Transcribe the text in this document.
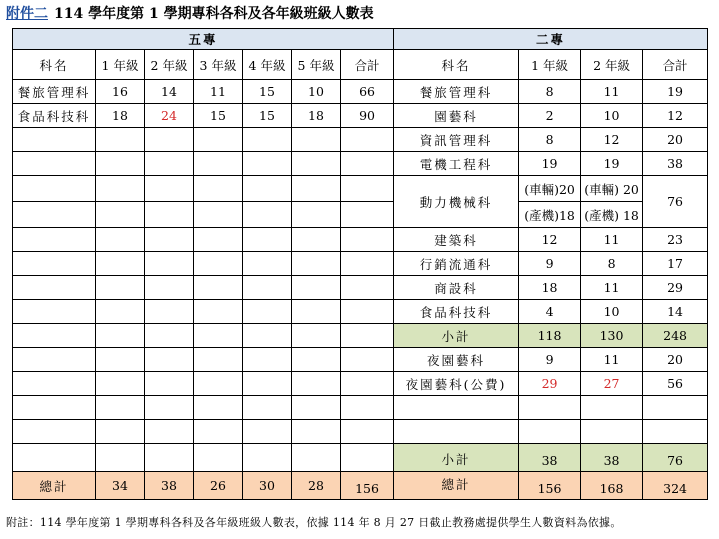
附件二 114 學年度第 1 學期專科各科及各年級班級人數表
五專							二專			
科名	1 年級	2 年級	3 年級	4 年級	5 年級	合計	科名	1 年級	2 年級	合計
餐旅管理科	16	14	11	15	10	66	餐旅管理科	8	11	19
食品科技科	18	24	15	15	18	90	園藝科	2	10	12
							資訊管理科	8	12	20
							電機工程科	19	19	38
							動力機械科	(車輛)20	(車輛) 20	76
								(產機)18	(產機) 18	
							建築科	12	11	23
							行銷流通科	9	8	17
							商設科	18	11	29
							食品科技科	4	10	14
							小計	118	130	248
							夜園藝科	9	11	20
							夜園藝科(公費)	29	27	56

							小計	38	38	76
總計	34	38	26	30	28	156	總計	156	168	324
附註：114 學年度第 1 學期專科各科及各年級班級人數表，依據 114 年 8 月 27 日截止教務處提供學生人數資料為依據。
